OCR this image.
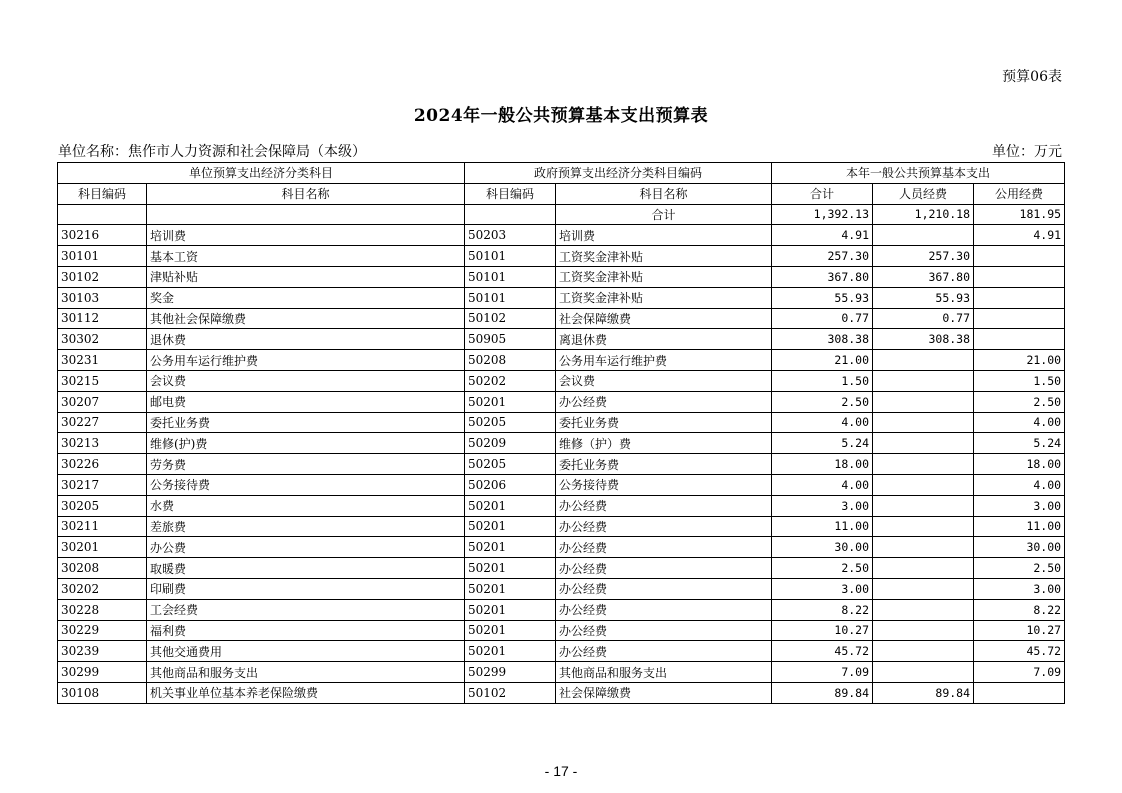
预算06表
2024年一般公共预算基本支出预算表
单位名称：焦作市人力资源和社会保障局（本级）	单位：万元
单位预算支出经济分类科目		政府预算支出经济分类科目编码		本年一般公共预算基本支出		
科目编码	科目名称	科目编码	科目名称	合计	人员经费	公用经费
			合计	1,392.13	1,210.18	181.95
30216	培训费	50203	培训费	4.91		4.91
30101	基本工资	50101	工资奖金津补贴	257.30	257.30	
30102	津贴补贴	50101	工资奖金津补贴	367.80	367.80	
30103	奖金	50101	工资奖金津补贴	55.93	55.93	
30112	其他社会保障缴费	50102	社会保障缴费	0.77	0.77	
30302	退休费	50905	离退休费	308.38	308.38	
30231	公务用车运行维护费	50208	公务用车运行维护费	21.00		21.00
30215	会议费	50202	会议费	1.50		1.50
30207	邮电费	50201	办公经费	2.50		2.50
30227	委托业务费	50205	委托业务费	4.00		4.00
30213	维修(护)费	50209	维修（护）费	5.24		5.24
30226	劳务费	50205	委托业务费	18.00		18.00
30217	公务接待费	50206	公务接待费	4.00		4.00
30205	水费	50201	办公经费	3.00		3.00
30211	差旅费	50201	办公经费	11.00		11.00
30201	办公费	50201	办公经费	30.00		30.00
30208	取暖费	50201	办公经费	2.50		2.50
30202	印刷费	50201	办公经费	3.00		3.00
30228	工会经费	50201	办公经费	8.22		8.22
30229	福利费	50201	办公经费	10.27		10.27
30239	其他交通费用	50201	办公经费	45.72		45.72
30299	其他商品和服务支出	50299	其他商品和服务支出	7.09		7.09
30108	机关事业单位基本养老保险缴费	50102	社会保障缴费	89.84	89.84	
- 17 -
